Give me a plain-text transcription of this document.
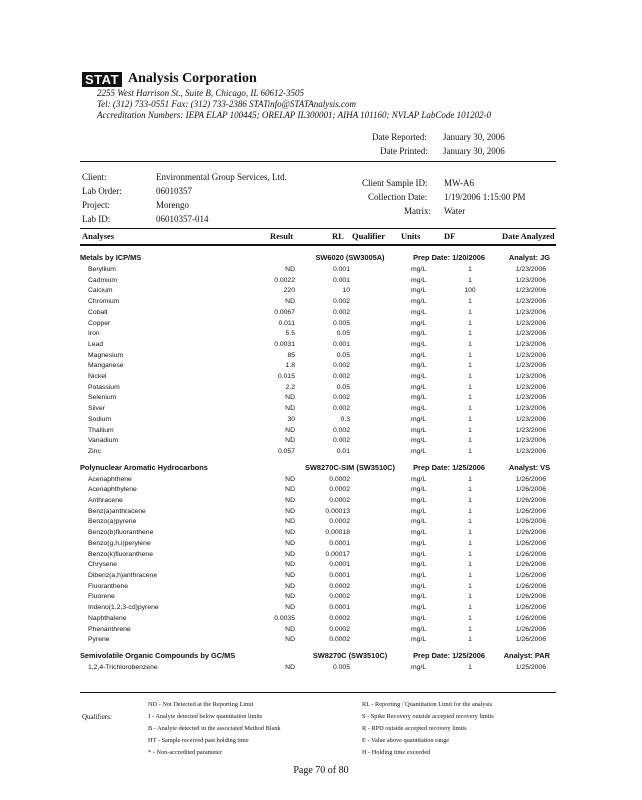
STAT Analysis Corporation
2255 West Harrison St., Suite B, Chicago, IL 60612-3505
Tel: (312) 733-0551 Fax: (312) 733-2386 STATinfo@STATAnalysis.com
Accreditation Numbers: IEPA ELAP 100445; ORELAP IL300001; AIHA 101160; NVLAP LabCode 101202-0
Date Reported: January 30, 2006
Date Printed: January 30, 2006
Client:	Environmental Group Services, Ltd.
Lab Order:	06010357
Project:	Morengo
Lab ID:	06010357-014
Client Sample ID: MW-A6
Collection Date: 1/19/2006 1:15:00 PM
Matrix: Water
Analyses	Result	RL Qualifier Units	DF	Date Analyzed
Metals by ICP/MS		SW6020 (SW3005A)		Prep Date: 1/20/2006		Analyst: JG
Beryllium	ND	0.001		mg/L	1	1/23/2006
Cadmium	0.0022	0.001		mg/L	1	1/23/2006
Calcium	220	10		mg/L	100	1/23/2006
Chromium	ND	0.002		mg/L	1	1/23/2006
Cobalt	0.0067	0.002		mg/L	1	1/23/2006
Copper	0.011	0.005		mg/L	1	1/23/2006
Iron	5.5	0.05		mg/L	1	1/23/2006
Lead	0.0031	0.001		mg/L	1	1/23/2006
Magnesium	85	0.05		mg/L	1	1/23/2006
Manganese	1.8	0.002		mg/L	1	1/23/2006
Nickel	0.015	0.002		mg/L	1	1/23/2006
Potassium	2.2	0.05		mg/L	1	1/23/2006
Selenium	ND	0.002		mg/L	1	1/23/2006
Silver	ND	0.002		mg/L	1	1/23/2006
Sodium	30	0.3		mg/L	1	1/23/2006
Thallium	ND	0.002		mg/L	1	1/23/2006
Vanadium	ND	0.002		mg/L	1	1/23/2006
Zinc	0.057	0.01		mg/L	1	1/23/2006
Polynuclear Aromatic Hydrocarbons		SW8270C-SIM (SW3510C)		Prep Date: 1/25/2006		Analyst: VS
Acenaphthene	ND	0.0002		mg/L	1	1/26/2006
Acenaphthylene	ND	0.0002		mg/L	1	1/26/2006
Anthracene	ND	0.0002		mg/L	1	1/26/2006
Benz(a)anthracene	ND	0.00013		mg/L	1	1/26/2006
Benzo(a)pyrene	ND	0.0002		mg/L	1	1/26/2006
Benzo(b)fluoranthene	ND	0.00018		mg/L	1	1/26/2006
Benzo(g,h,i)perylene	ND	0.0001		mg/L	1	1/26/2006
Benzo(k)fluoranthene	ND	0.00017		mg/L	1	1/26/2006
Chrysene	ND	0.0001		mg/L	1	1/26/2006
Dibenz(a,h)anthracene	ND	0.0001		mg/L	1	1/26/2006
Fluoranthene	ND	0.0002		mg/L	1	1/26/2006
Fluorene	ND	0.0002		mg/L	1	1/26/2006
Indeno(1,2,3-cd)pyrene	ND	0.0001		mg/L	1	1/26/2006
Naphthalene	0.0035	0.0002		mg/L	1	1/26/2006
Phenanthrene	ND	0.0002		mg/L	1	1/26/2006
Pyrene	ND	0.0002		mg/L	1	1/26/2006
Semivolatile Organic Compounds by GC/MS		SW8270C (SW3510C)		Prep Date: 1/25/2006		Analyst: PAR
1,2,4-Trichlorobenzene	ND	0.005		mg/L	1	1/25/2006
ND - Not Detected at the Reporting Limit	RL - Reporting / Quantitation Limit for the analysis
Qualifiers:	J - Analyte detected below quantitation limits	S - Spike Recovery outside accepted recovery limits
B - Analyte detected in the associated Method Blank	R - RPD outside accepted recovery limits
HT - Sample received past holding time	E - Value above quantitation range
* - Non-accredited parameter	H - Holding time exceeded
Page 70 of 80
